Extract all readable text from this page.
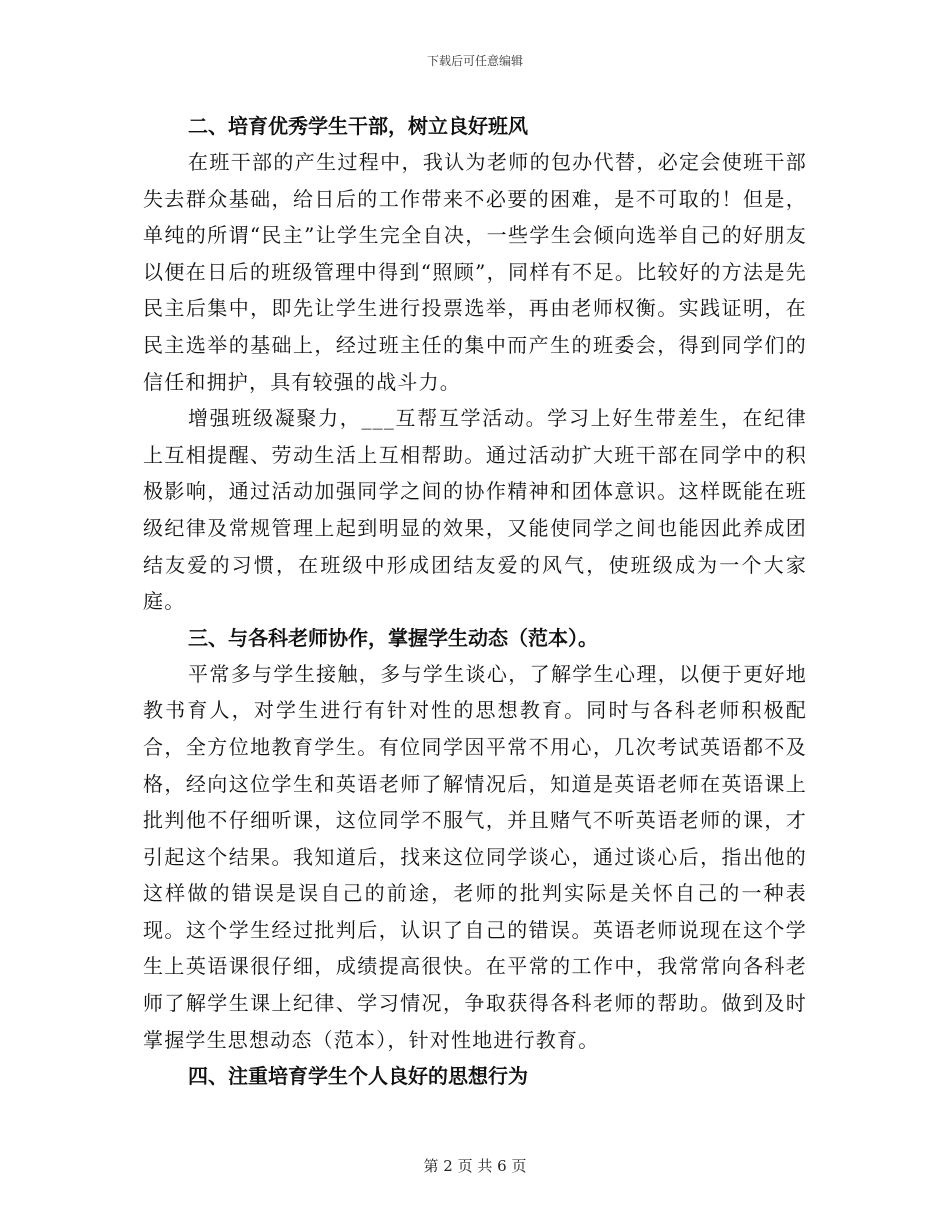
下载后可任意编辑

二、培育优秀学生干部，树立良好班风

在班干部的产生过程中，我认为老师的包办代替，必定会使班干部失去群众基础，给日后的工作带来不必要的困难，是不可取的！但是，单纯的所谓“民主”让学生完全自决，一些学生会倾向选举自己的好朋友以便在日后的班级管理中得到“照顾”，同样有不足。比较好的方法是先民主后集中，即先让学生进行投票选举，再由老师权衡。实践证明，在民主选举的基础上，经过班主任的集中而产生的班委会，得到同学们的信任和拥护，具有较强的战斗力。

增强班级凝聚力，___互帮互学活动。学习上好生带差生，在纪律上互相提醒、劳动生活上互相帮助。通过活动扩大班干部在同学中的积极影响，通过活动加强同学之间的协作精神和团体意识。这样既能在班级纪律及常规管理上起到明显的效果，又能使同学之间也能因此养成团结友爱的习惯，在班级中形成团结友爱的风气，使班级成为一个大家庭。

三、与各科老师协作，掌握学生动态（范本）。

平常多与学生接触，多与学生谈心，了解学生心理，以便于更好地教书育人，对学生进行有针对性的思想教育。同时与各科老师积极配合，全方位地教育学生。有位同学因平常不用心，几次考试英语都不及格，经向这位学生和英语老师了解情况后，知道是英语老师在英语课上批判他不仔细听课，这位同学不服气，并且赌气不听英语老师的课，才引起这个结果。我知道后，找来这位同学谈心，通过谈心后，指出他的这样做的错误是误自己的前途，老师的批判实际是关怀自己的一种表现。这个学生经过批判后，认识了自己的错误。英语老师说现在这个学生上英语课很仔细，成绩提高很快。在平常的工作中，我常常向各科老师了解学生课上纪律、学习情况，争取获得各科老师的帮助。做到及时掌握学生思想动态（范本），针对性地进行教育。

四、注重培育学生个人良好的思想行为

第 2 页 共 6 页
